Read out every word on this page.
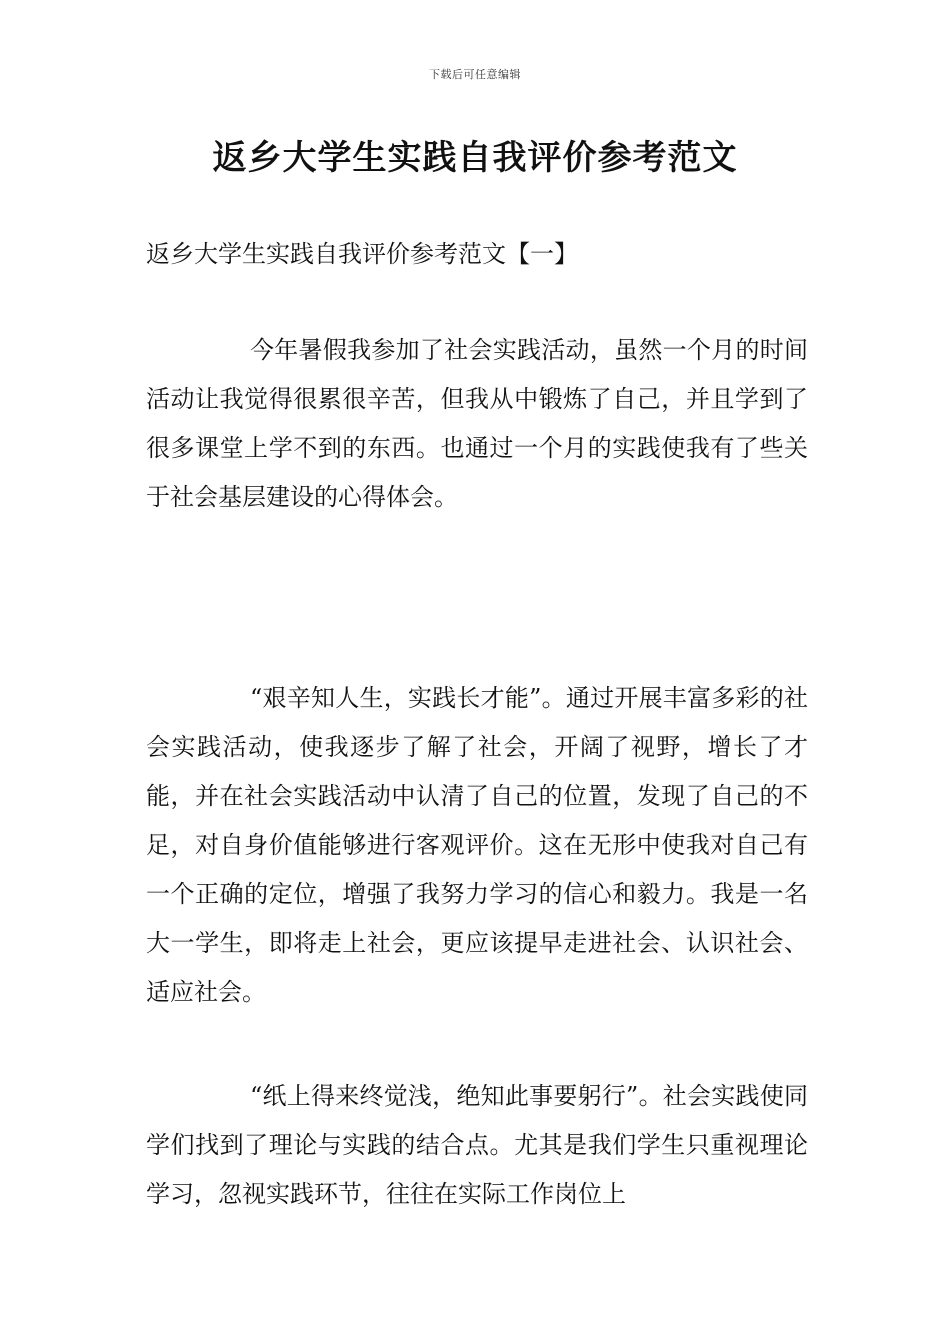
下载后可任意编辑
返乡大学生实践自我评价参考范文
返乡大学生实践自我评价参考范文【一】

今年暑假我参加了社会实践活动，虽然一个月的时间活动让我觉得很累很辛苦，但我从中锻炼了自己，并且学到了很多课堂上学不到的东西。也通过一个月的实践使我有了些关于社会基层建设的心得体会。

“艰辛知人生，实践长才能”。通过开展丰富多彩的社会实践活动，使我逐步了解了社会，开阔了视野，增长了才能，并在社会实践活动中认清了自己的位置，发现了自己的不足，对自身价值能够进行客观评价。这在无形中使我对自己有一个正确的定位，增强了我努力学习的信心和毅力。我是一名大一学生，即将走上社会，更应该提早走进社会、认识社会、适应社会。

“纸上得来终觉浅，绝知此事要躬行”。社会实践使同学们找到了理论与实践的结合点。尤其是我们学生只重视理论学习，忽视实践环节，往往在实际工作岗位上
